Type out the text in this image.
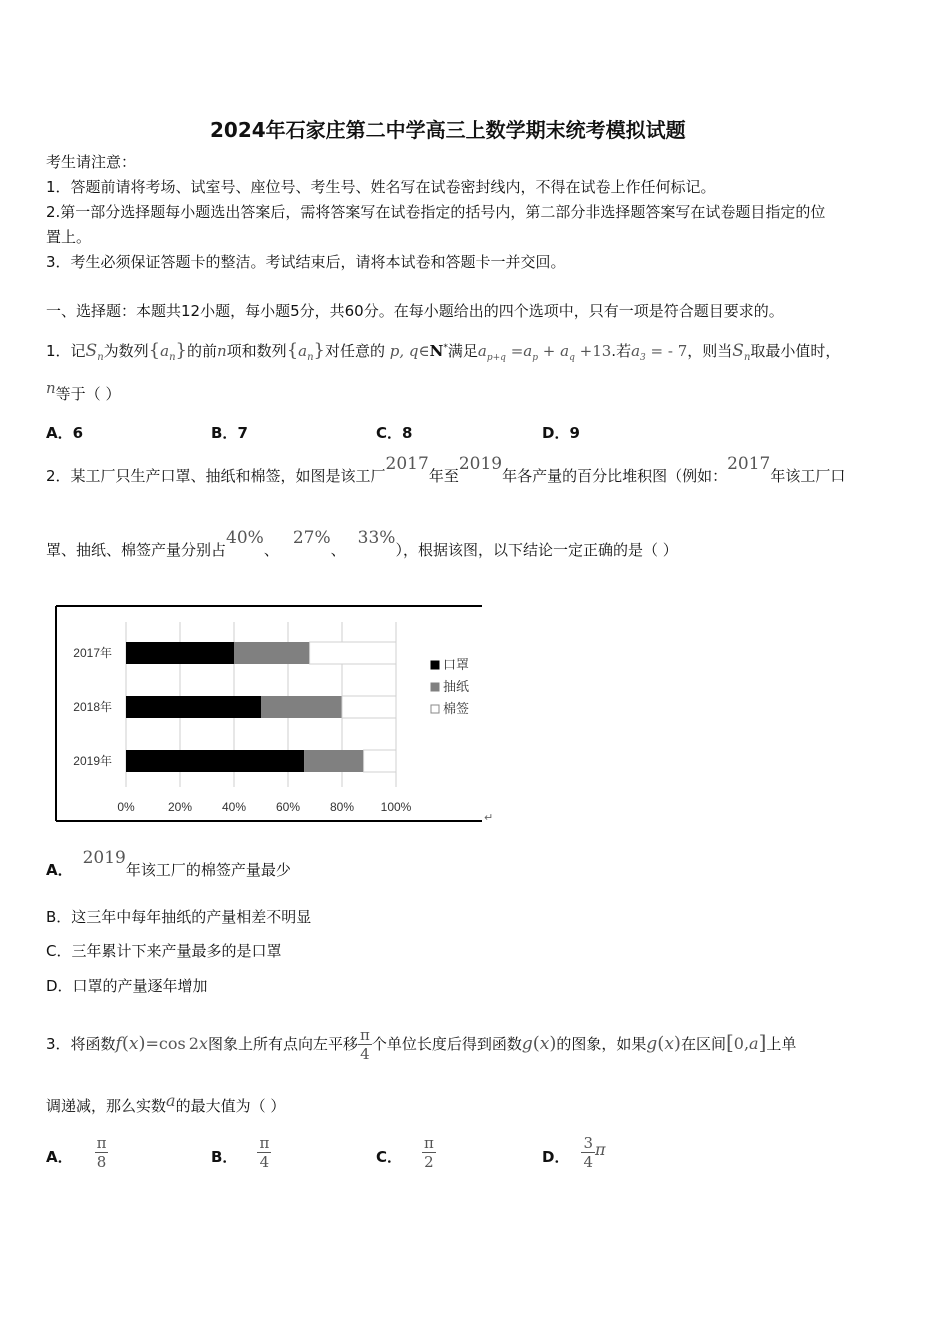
2024年石家庄第二中学高三上数学期末统考模拟试题
考生请注意：
1．答题前请将考场、试室号、座位号、考生号、姓名写在试卷密封线内，不得在试卷上作任何标记。
2.第一部分选择题每小题选出答案后，需将答案写在试卷指定的括号内，第二部分非选择题答案写在试卷题目指定的位
置上。
3．考生必须保证答题卡的整洁。考试结束后，请将本试卷和答题卡一并交回。
一、选择题：本题共12小题，每小题5分，共60分。在每小题给出的四个选项中，只有一项是符合题目要求的。
1．记$S_n$为数列$\{a_n\}$的前n项和数列$\{a_n\}$对任意的 p, q∈N*满足$a_{p+q} =a_p + a_q +13$.若$a_3$ = - 7，则当$S_n$取最小值时，
n等于（ ）
A．6	B．7	C．8	D．9
2．某工厂只生产口罩、抽纸和棉签，如图是该工厂2017年至2019年各产量的百分比堆积图（例如：2017年该工厂口
罩、抽纸、棉签产量分别占40%、27%、33%），根据该图，以下结论一定正确的是（ ）
2017年
2018年
2019年
0%	20% 40% 60% 80% 100%
口罩
抽纸
棉签
↵
A．2019年该工厂的棉签产量最少
B．这三年中每年抽纸的产量相差不明显
C．三年累计下来产量最多的是口罩
D．口罩的产量逐年增加
3．将函数f(x)=cos 2x图象上所有点向左平移 $\frac{\pi}{4}$ 个单位长度后得到函数g(x)的图象，如果g(x)在区间[0,a]上单
调递减，那么实数a的最大值为（ ）
A． $\frac{\pi}{8}$	B． $\frac{\pi}{4}$	C． $\frac{\pi}{2}$	D． $\frac{3}{4}$ π
